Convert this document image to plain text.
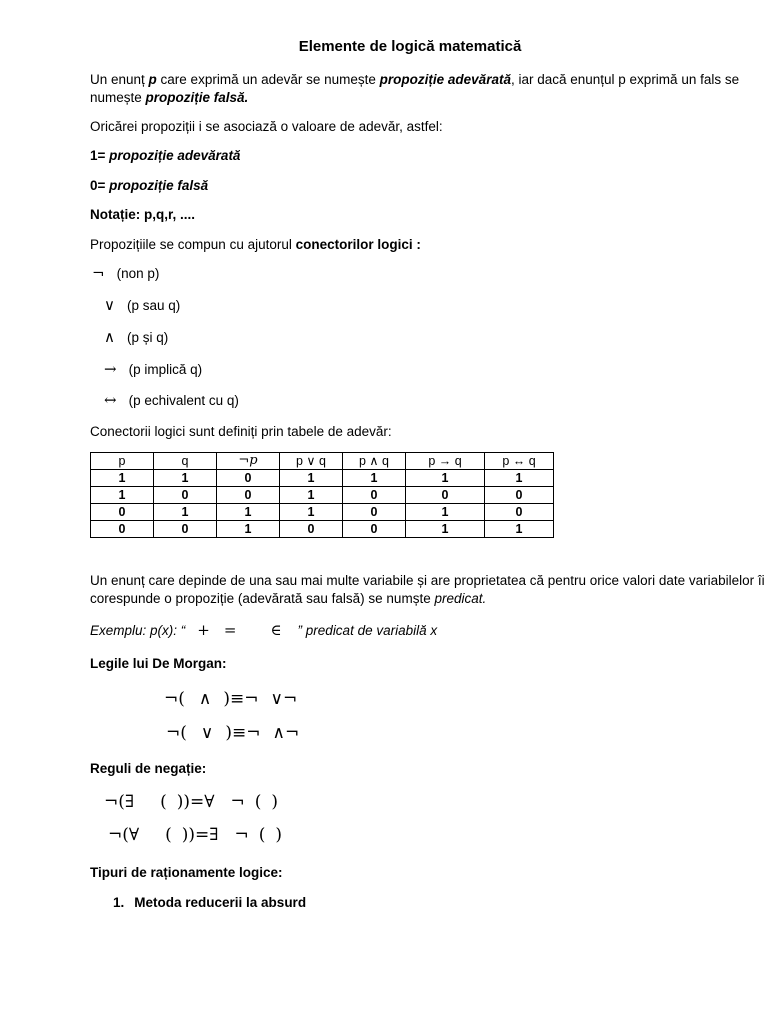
Elemente de logică matematică
Un enunț p care exprimă un adevăr se numește propoziție adevărată, iar dacă enunțul p exprimă un fals se
numește propoziție falsă.
Oricărei propoziții i se asociază o valoare de adevăr, astfel:
1= propoziție adevărată
0= propoziție falsă
Notație: p,q,r, ....
Propozițiile se compun cu ajutorul conectorilor logici :
¬ (non p)
∨ (p sau q)
∧ (p și q)
→ (p implică q)
↔ (p echivalent cu q)
Conectorii logici sunt definiți prin tabele de adevăr:
p	q	¬p	p ∨ q	p ∧ q	p → q	p ↔ q
1	1	0	1	1	1	1
1	0	0	1	0	0	0
0	1	1	1	0	1	0
0	0	1	0	0	1	1
Un enunț care depinde de una sau mai multe variabile și are proprietatea că pentru orice valori date variabilelor îi
corespunde o propoziție (adevărată sau falsă) se numște predicat.
Exemplu: p(x): “ + = ∈ ” predicat de variabilă x
Legile lui De Morgan:
¬( ∧ )≡¬ ∨¬
¬( ∨ )≡¬ ∧¬
Reguli de negație:
¬(∃ ( ))=∀ ¬ ( )
¬(∀ ( ))=∃ ¬ ( )
Tipuri de raționamente logice:
1. Metoda reducerii la absurd
